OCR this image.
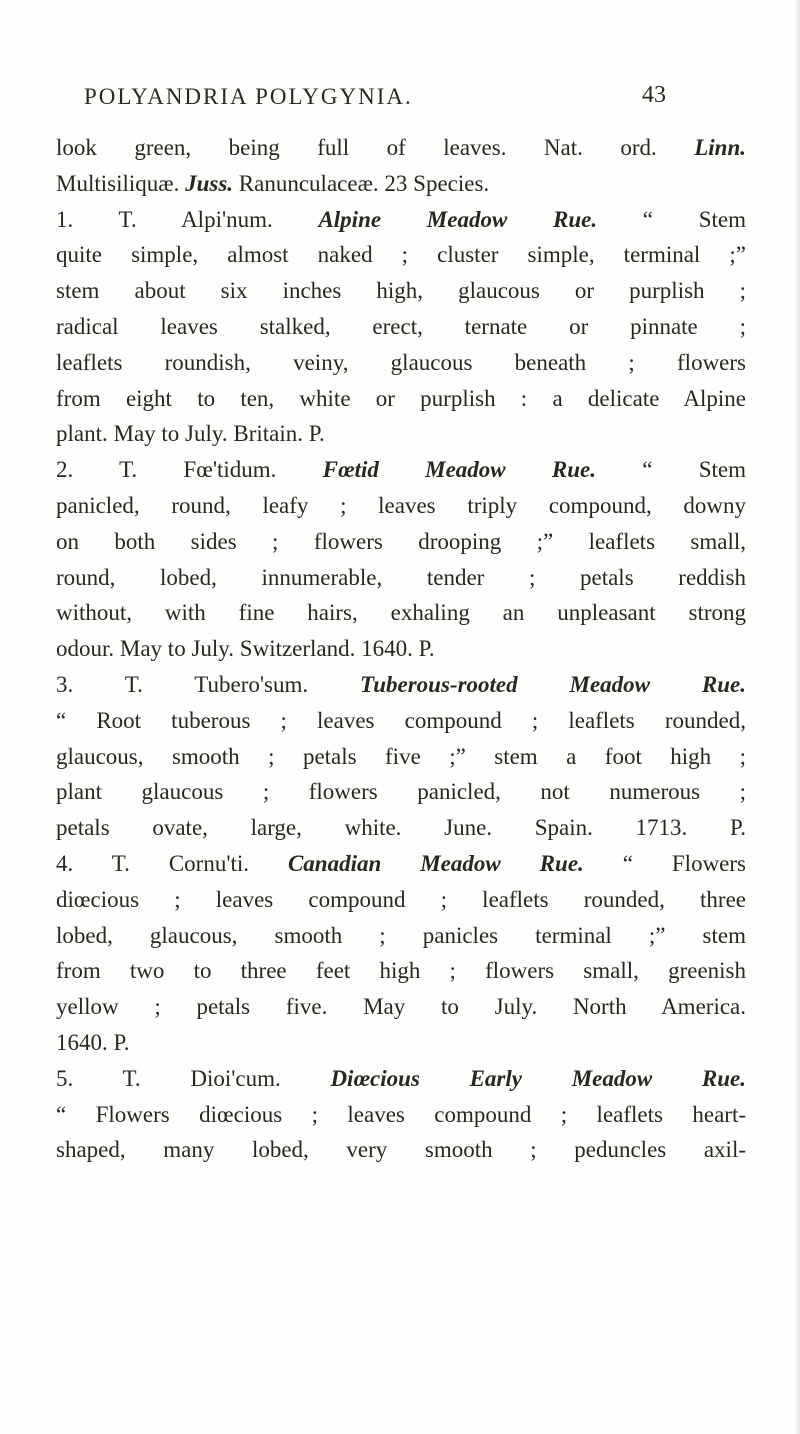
POLYANDRIA POLYGYNIA.	43
look green, being full of leaves. Nat. ord. Linn.
Multisiliquæ. Juss. Ranunculaceæ. 23 Species.
1. T. Alpi'num. Alpine Meadow Rue. “ Stem
quite simple, almost naked ; cluster simple, terminal ;”
stem about six inches high, glaucous or purplish ;
radical leaves stalked, erect, ternate or pinnate ;
leaflets roundish, veiny, glaucous beneath ; flowers
from eight to ten, white or purplish : a delicate Alpine
plant. May to July. Britain. P.
2. T. Fœ'tidum. Fœtid Meadow Rue. “ Stem
panicled, round, leafy ; leaves triply compound, downy
on both sides ; flowers drooping ;” leaflets small,
round, lobed, innumerable, tender ; petals reddish
without, with fine hairs, exhaling an unpleasant strong
odour. May to July. Switzerland. 1640. P.
3. T. Tubero'sum. Tuberous-rooted Meadow Rue.
“ Root tuberous ; leaves compound ; leaflets rounded,
glaucous, smooth ; petals five ;” stem a foot high ;
plant glaucous ; flowers panicled, not numerous ;
petals ovate, large, white. June. Spain. 1713. P.
4. T. Cornu'ti. Canadian Meadow Rue. “ Flowers
diœcious ; leaves compound ; leaflets rounded, three
lobed, glaucous, smooth ; panicles terminal ;” stem
from two to three feet high ; flowers small, greenish
yellow ; petals five. May to July. North America.
1640. P.
5. T. Dioi'cum. Diœcious Early Meadow Rue.
“ Flowers diœcious ; leaves compound ; leaflets heart-
shaped, many lobed, very smooth ; peduncles axil-
